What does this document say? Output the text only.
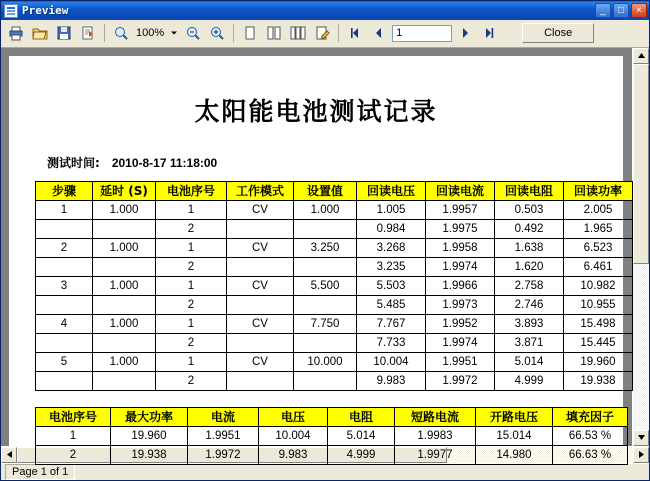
Preview	_	□	×
100%
1	Close
太阳能电池测试记录
测试时间: 2010-8-17 11:18:00
步骤	延时 (S)	电池序号	工作模式	设置值	回读电压	回读电流	回读电阻	回读功率
1	1.000	1	CV	1.000	1.005	1.9957	0.503	2.005
		2			0.984	1.9975	0.492	1.965
2	1.000	1	CV	3.250	3.268	1.9958	1.638	6.523
		2			3.235	1.9974	1.620	6.461
3	1.000	1	CV	5.500	5.503	1.9966	2.758	10.982
		2			5.485	1.9973	2.746	10.955
4	1.000	1	CV	7.750	7.767	1.9952	3.893	15.498
		2			7.733	1.9974	3.871	15.445
5	1.000	1	CV	10.000	10.004	1.9951	5.014	19.960
		2			9.983	1.9972	4.999	19.938
电池序号	最大功率	电流	电压	电阻	短路电流	开路电压	填充因子
1	19.960	1.9951	10.004	5.014	1.9983	15.014	66.53 %
2	19.938	1.9972	9.983	4.999	1.9977	14.980	66.63 %
Page 1 of 1
